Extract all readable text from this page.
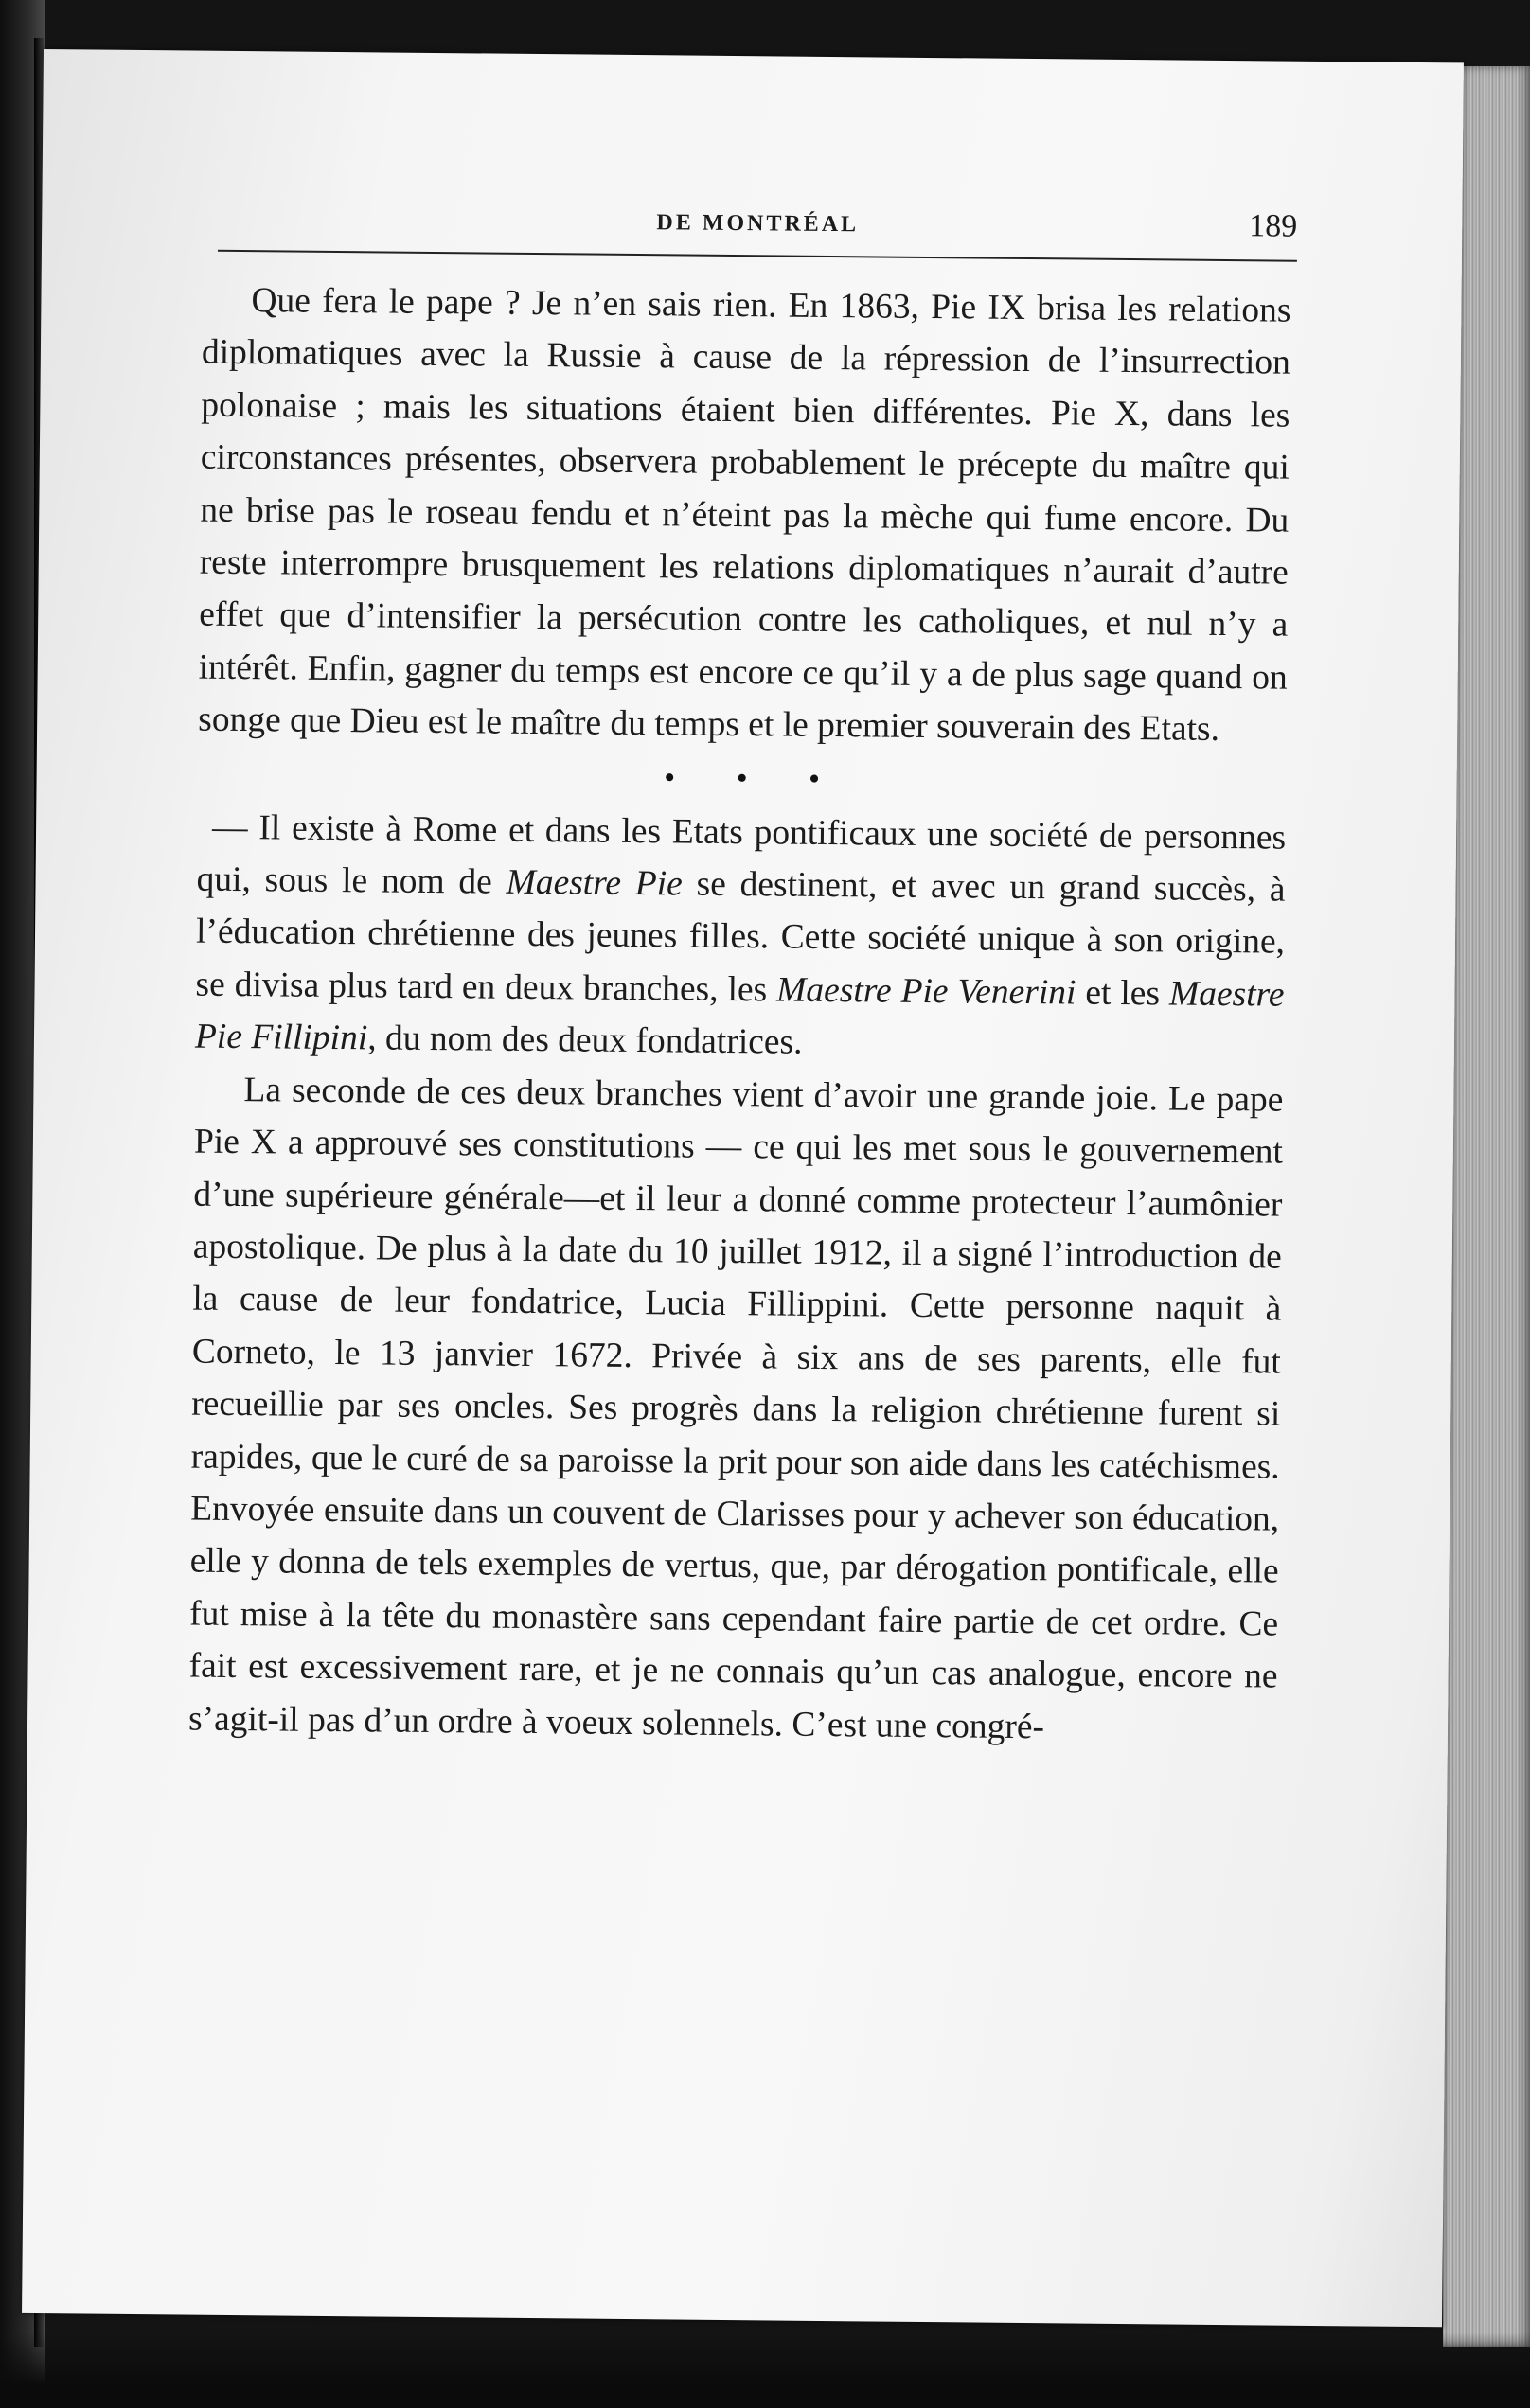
DE MONTRÉAL	189

Que fera le pape ? Je n’en sais rien. En 1863, Pie IX brisa les relations diplomatiques avec la Russie à cause de la répression de l’insurrection polonaise ; mais les situations étaient bien différentes. Pie X, dans les circonstances présentes, observera probablement le précepte du maître qui ne brise pas le roseau fendu et n’éteint pas la mèche qui fume encore. Du reste interrompre brusquement les relations diplomatiques n’aurait d’autre effet que d’intensifier la persécution contre les catholiques, et nul n’y a intérêt. Enfin, gagner du temps est encore ce qu’il y a de plus sage quand on songe que Dieu est le maître du temps et le premier souverain des Etats.

• • •

— Il existe à Rome et dans les Etats pontificaux une société de personnes qui, sous le nom de Maestre Pie se destinent, et avec un grand succès, à l’éducation chrétienne des jeunes filles. Cette société unique à son origine, se divisa plus tard en deux branches, les Maestre Pie Venerini et les Maestre Pie Fillipini, du nom des deux fondatrices.

La seconde de ces deux branches vient d’avoir une grande joie. Le pape Pie X a approuvé ses constitutions — ce qui les met sous le gouvernement d’une supérieure générale—et il leur a donné comme protecteur l’aumônier apostolique. De plus à la date du 10 juillet 1912, il a signé l’introduction de la cause de leur fondatrice, Lucia Fillippini. Cette personne naquit à Corneto, le 13 janvier 1672. Privée à six ans de ses parents, elle fut recueillie par ses oncles. Ses progrès dans la religion chrétienne furent si rapides, que le curé de sa paroisse la prit pour son aide dans les catéchismes. Envoyée ensuite dans un couvent de Clarisses pour y achever son éducation, elle y donna de tels exemples de vertus, que, par dérogation pontificale, elle fut mise à la tête du monastère sans cependant faire partie de cet ordre. Ce fait est excessivement rare, et je ne connais qu’un cas analogue, encore ne s’agit-il pas d’un ordre à voeux solennels. C’est une congré-
